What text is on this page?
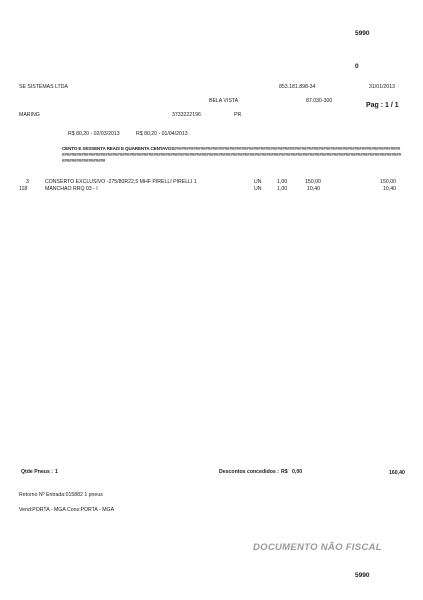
5990
0
SE SISTEMAS LTDA	853.181.898-34	31/01/2013
BELA VISTA	87.030-300
Pag : 1 / 1
MARING	3733222196	PR
R$ 80,20 - 02/03/2013	R$ 80,20 - 01/04/2013
CENTO E SESSENTA REAIS E QUARENTA CENTAVOS#############################################################################################################################################################################################################################################################
3	CONSERTO EXCLUSIVO -275/80R22,5 MHF PIRELLI PIRELLI 1	UN	1,00	150,00	150,00
118	MANCHAO RRQ 03 - I	UN	1,00	10,40	10,40
Qtde Pneus : 1	Descontos concedidos : R$ 0,00	160,40
Retorno Nº Entrada:015882 1 pneus
Vend:PORTA - MGA Cons:PORTA - MGA
DOCUMENTO NÃO FISCAL
5990
